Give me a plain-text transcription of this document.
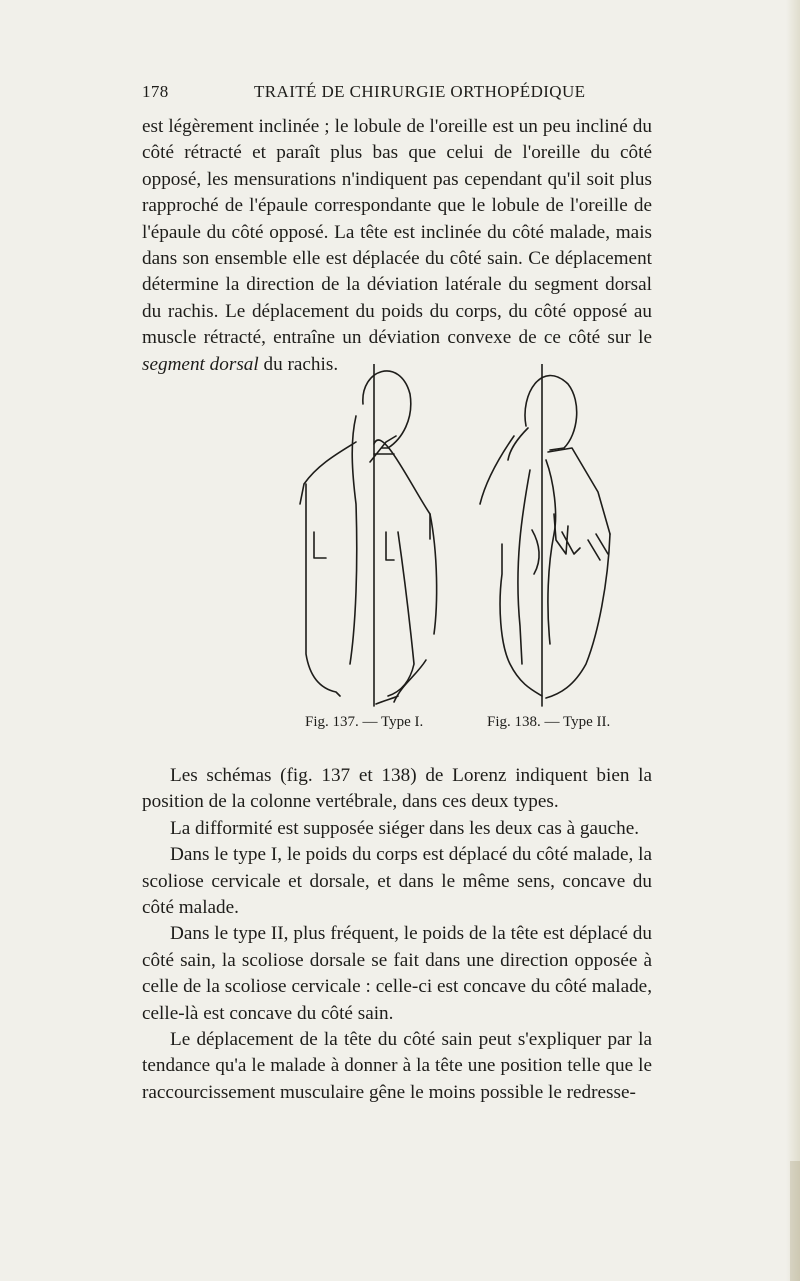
178	TRAITÉ DE CHIRURGIE ORTHOPÉDIQUE

est légèrement inclinée ; le lobule de l'oreille est un peu incliné du côté rétracté et paraît plus bas que celui de l'oreille du côté opposé, les mensurations n'indiquent pas cependant qu'il soit plus rapproché de l'épaule correspondante que le lobule de l'oreille de l'épaule du côté opposé. La tête est inclinée du côté malade, mais dans son ensemble elle est déplacée du côté sain. Ce déplacement détermine la direction de la déviation latérale du segment dorsal du rachis. Le déplacement du poids du corps, du côté opposé au muscle rétracté, entraîne un déviation convexe de ce côté sur le segment dorsal du rachis.

Fig. 137. — Type I.	Fig. 138. — Type II.

Les schémas (fig. 137 et 138) de Lorenz indiquent bien la position de la colonne vertébrale, dans ces deux types.

La difformité est supposée siéger dans les deux cas à gauche.

Dans le type I, le poids du corps est déplacé du côté malade, la scoliose cervicale et dorsale, et dans le même sens, concave du côté malade.

Dans le type II, plus fréquent, le poids de la tête est déplacé du côté sain, la scoliose dorsale se fait dans une direction opposée à celle de la scoliose cervicale : celle-ci est concave du côté malade, celle-là est concave du côté sain.

Le déplacement de la tête du côté sain peut s'expliquer par la tendance qu'a le malade à donner à la tête une position telle que le raccourcissement musculaire gêne le moins possible le redresse-
